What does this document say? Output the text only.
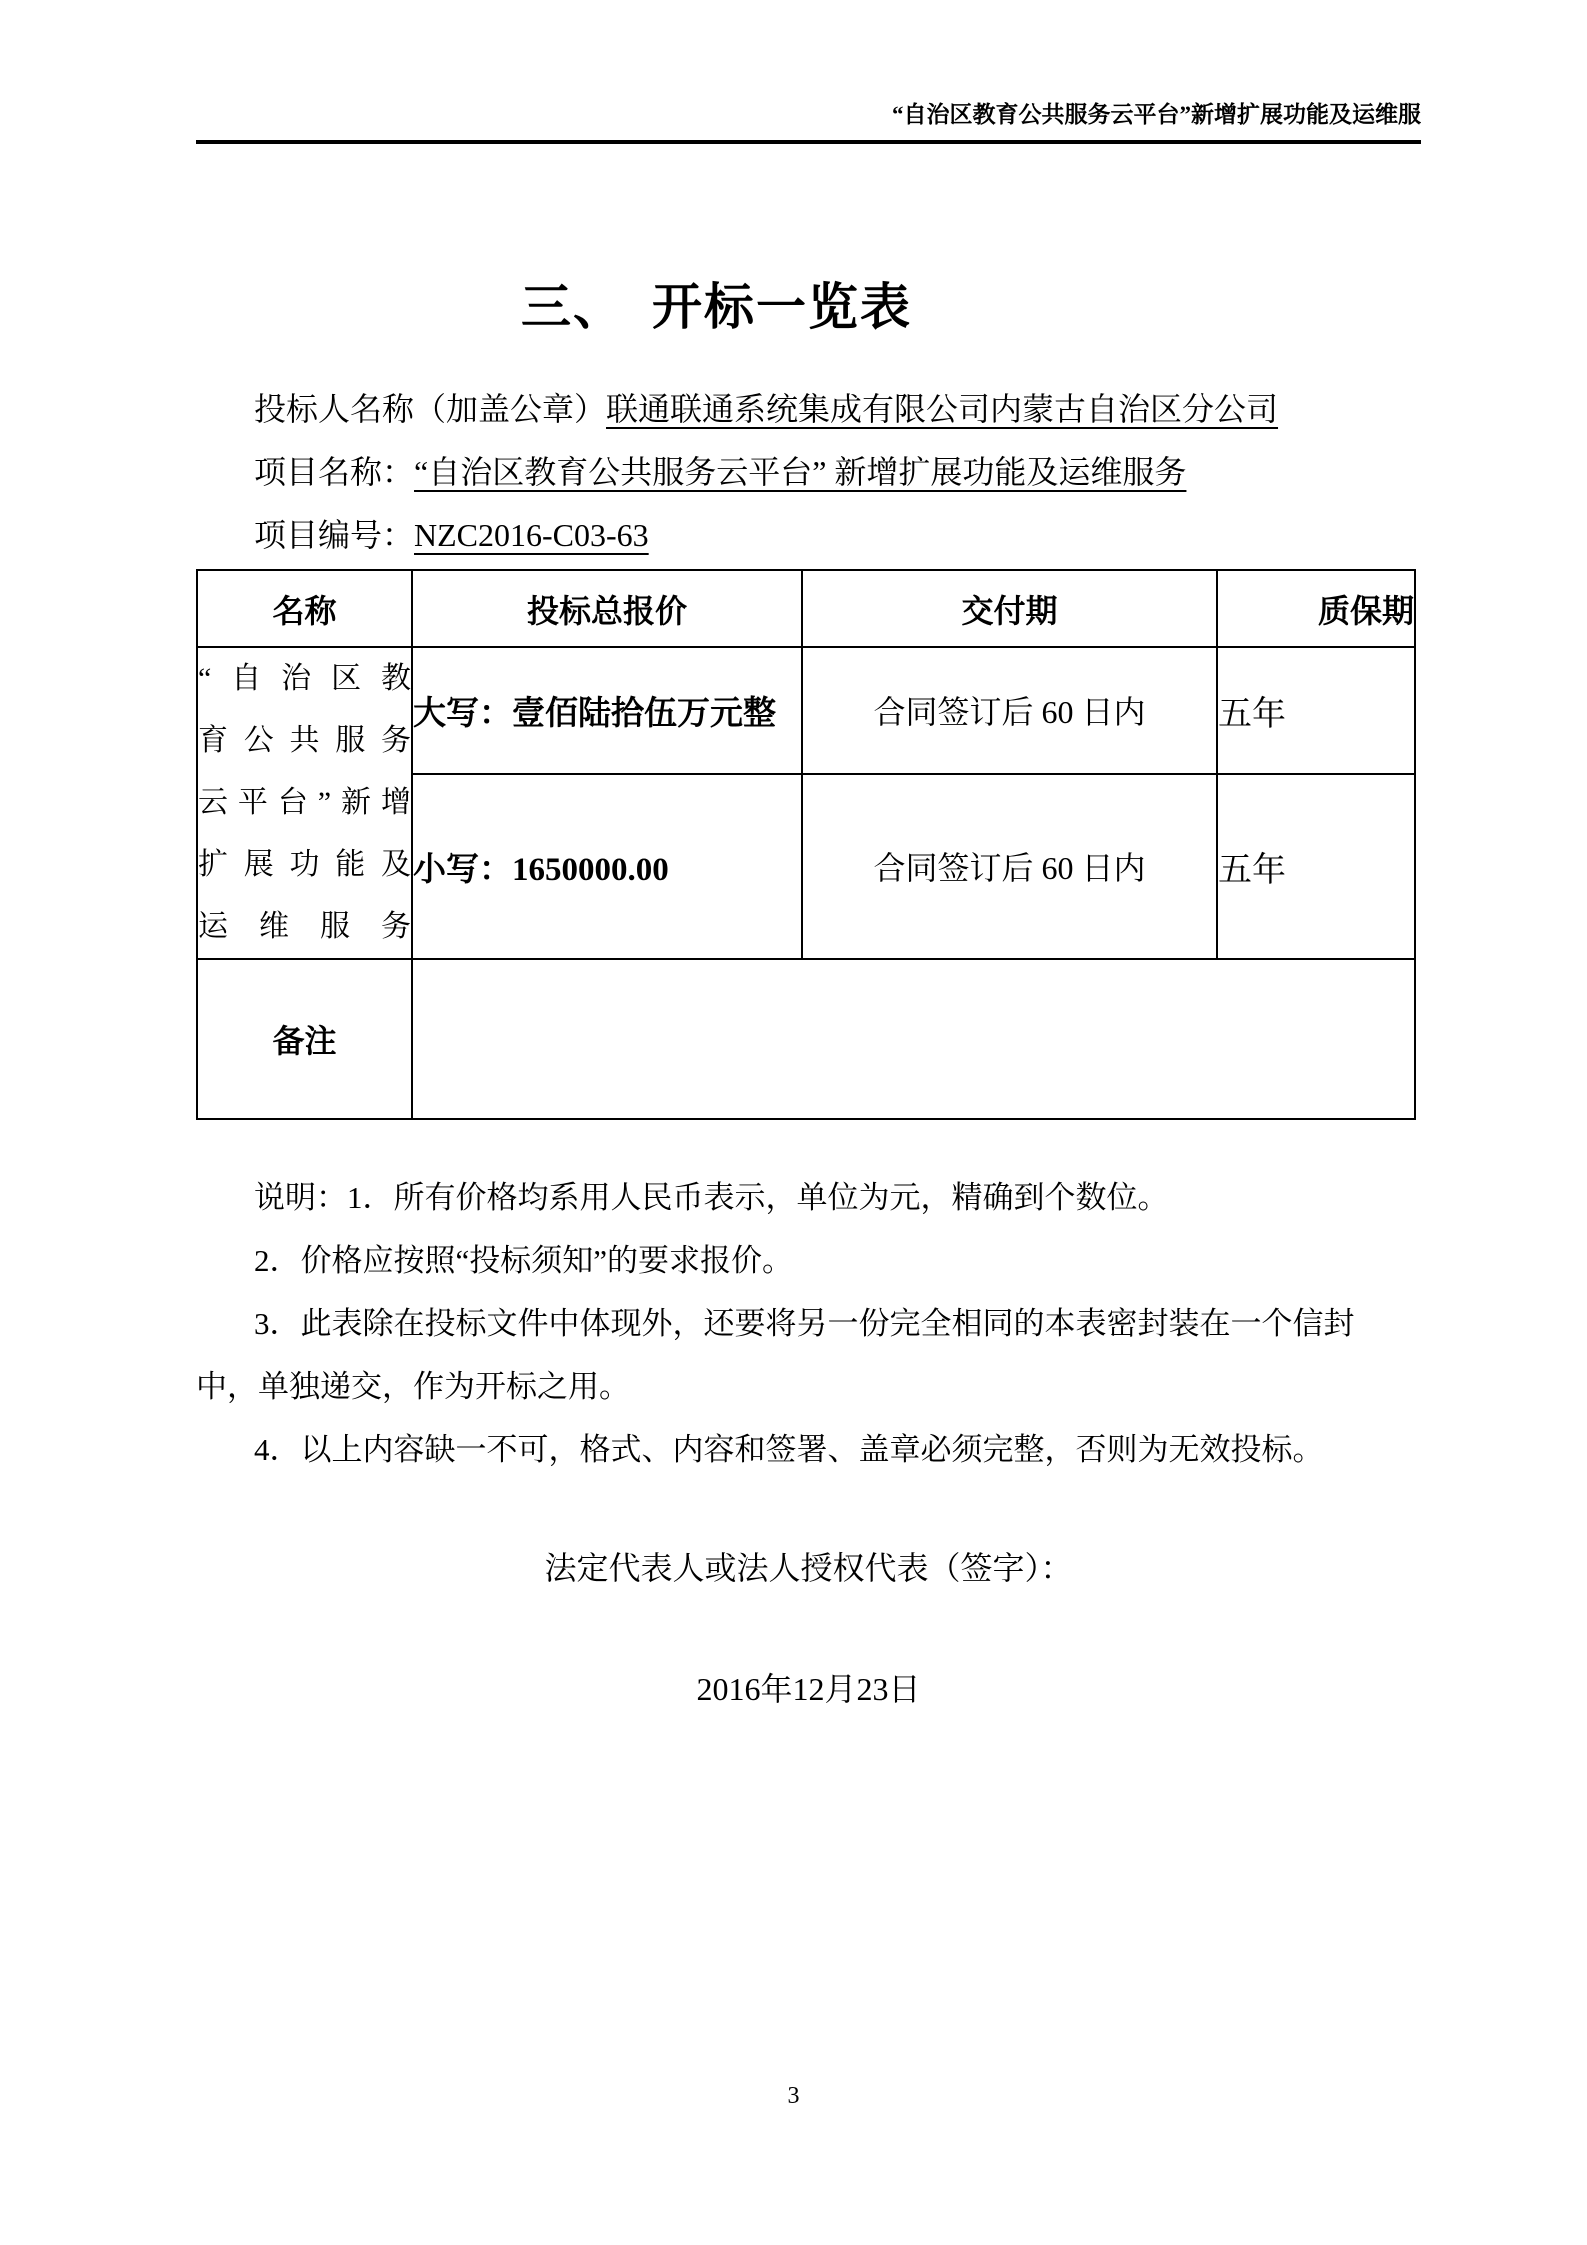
“自治区教育公共服务云平台”新增扩展功能及运维服
三、　开标一览表

投标人名称（加盖公章）联通联通系统集成有限公司内蒙古自治区分公司

项目名称：“自治区教育公共服务云平台” 新增扩展功能及运维服务

项目编号：NZC2016-C03-63

名称	投标总报价	交付期	质保期

“自治区教
育公共服务
云平台”新增
扩展功能及
运维服务	大写：壹佰陆拾伍万元整	合同签订后 60 日内	五年
	小写：1650000.00	合同签订后 60 日内	五年
备注			

说明：1．所有价格均系用人民币表示，单位为元，精确到个数位。

2．价格应按照“投标须知”的要求报价。

3．此表除在投标文件中体现外，还要将另一份完全相同的本表密封装在一个信封

中，单独递交，作为开标之用。

4．以上内容缺一不可，格式、内容和签署、盖章必须完整，否则为无效投标。

法定代表人或法人授权代表（签字）：

2016年12月23日

3
